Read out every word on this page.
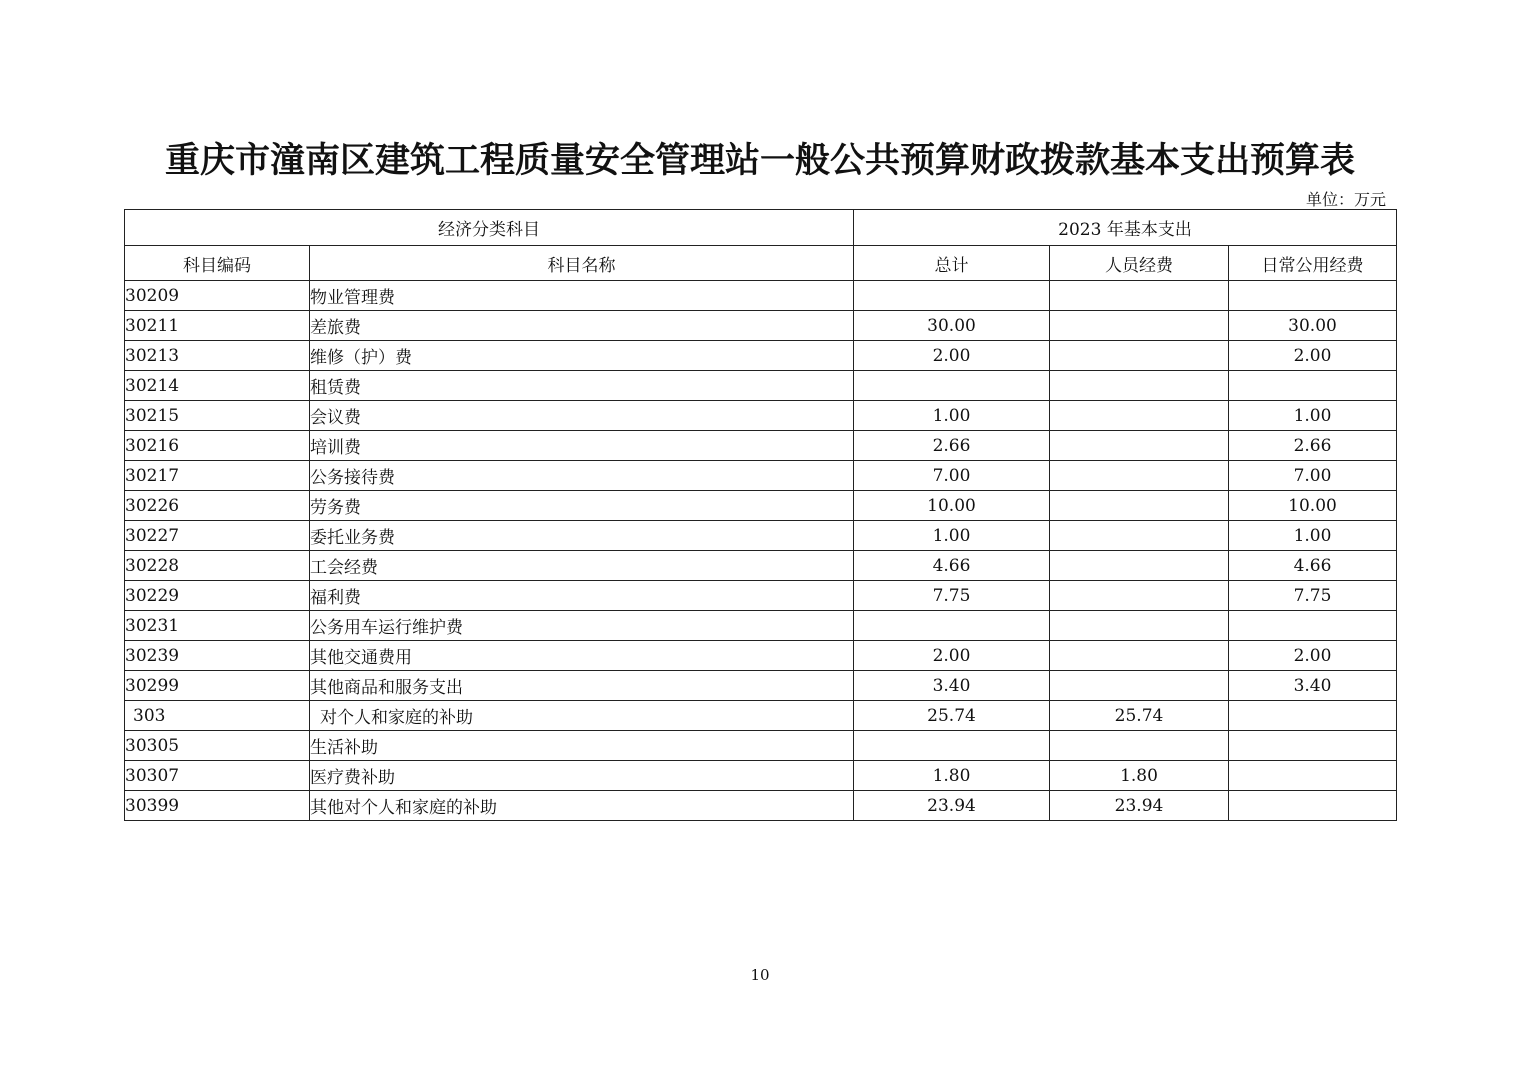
重庆市潼南区建筑工程质量安全管理站一般公共预算财政拨款基本支出预算表
单位：万元
经济分类科目		2023 年基本支出		
科目编码	科目名称	总计	人员经费	日常公用经费
30209	物业管理费			
30211	差旅费	30.00		30.00
30213	维修（护）费	2.00		2.00
30214	租赁费			
30215	会议费	1.00		1.00
30216	培训费	2.66		2.66
30217	公务接待费	7.00		7.00
30226	劳务费	10.00		10.00
30227	委托业务费	1.00		1.00
30228	工会经费	4.66		4.66
30229	福利费	7.75		7.75
30231	公务用车运行维护费			
30239	其他交通费用	2.00		2.00
30299	其他商品和服务支出	3.40		3.40
303	对个人和家庭的补助	25.74	25.74	
30305	生活补助			
30307	医疗费补助	1.80	1.80	
30399	其他对个人和家庭的补助	23.94	23.94	
10
